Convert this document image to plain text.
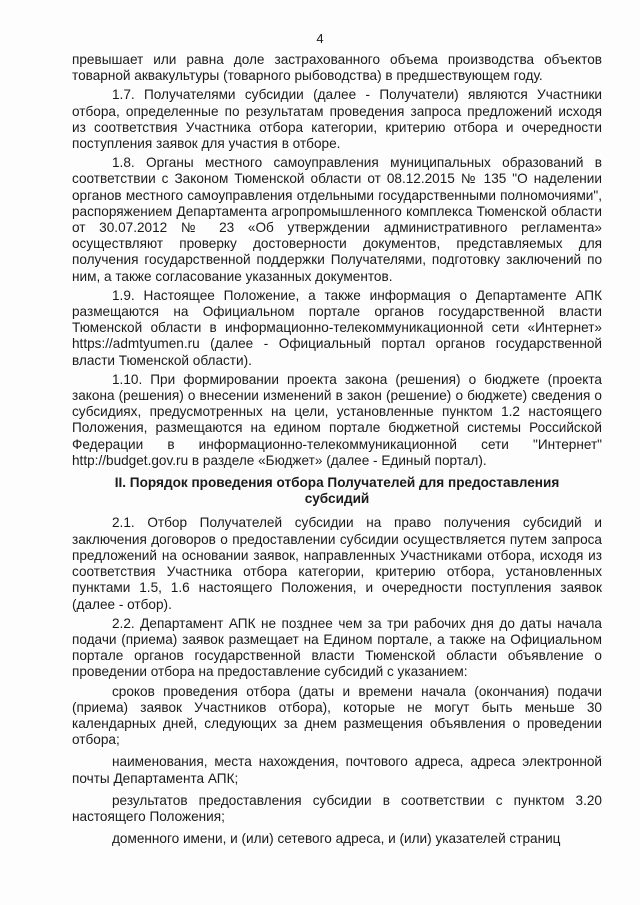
4

превышает или равна доле застрахованного объема производства объектов товарной аквакультуры (товарного рыбоводства) в предшествующем году.

1.7. Получателями субсидии (далее - Получатели) являются Участники отбора, определенные по результатам проведения запроса предложений исходя из соответствия Участника отбора категории, критерию отбора и очередности поступления заявок для участия в отборе.

1.8. Органы местного самоуправления муниципальных образований в соответствии с Законом Тюменской области от 08.12.2015 № 135 "О наделении органов местного самоуправления отдельными государственными полномочиями", распоряжением Департамента агропромышленного комплекса Тюменской области от 30.07.2012 № 23 «Об утверждении административного регламента» осуществляют проверку достоверности документов, представляемых для получения государственной поддержки Получателями, подготовку заключений по ним, а также согласование указанных документов.

1.9. Настоящее Положение, а также информация о Департаменте АПК размещаются на Официальном портале органов государственной власти Тюменской области в информационно-телекоммуникационной сети «Интернет» https://admtyumen.ru (далее - Официальный портал органов государственной власти Тюменской области).

1.10. При формировании проекта закона (решения) о бюджете (проекта закона (решения) о внесении изменений в закон (решение) о бюджете) сведения о субсидиях, предусмотренных на цели, установленные пунктом 1.2 настоящего Положения, размещаются на едином портале бюджетной системы Российской Федерации в информационно-телекоммуникационной сети "Интернет" http://budget.gov.ru в разделе «Бюджет» (далее - Единый портал).

II. Порядок проведения отбора Получателей для предоставления субсидий

2.1. Отбор Получателей субсидии на право получения субсидий и заключения договоров о предоставлении субсидии осуществляется путем запроса предложений на основании заявок, направленных Участниками отбора, исходя из соответствия Участника отбора категории, критерию отбора, установленных пунктами 1.5, 1.6 настоящего Положения, и очередности поступления заявок (далее - отбор).

2.2. Департамент АПК не позднее чем за три рабочих дня до даты начала подачи (приема) заявок размещает на Едином портале, а также на Официальном портале органов государственной власти Тюменской области объявление о проведении отбора на предоставление субсидий с указанием:

сроков проведения отбора (даты и времени начала (окончания) подачи (приема) заявок Участников отбора), которые не могут быть меньше 30 календарных дней, следующих за днем размещения объявления о проведении отбора;

наименования, места нахождения, почтового адреса, адреса электронной почты Департамента АПК;

результатов предоставления субсидии в соответствии с пунктом 3.20 настоящего Положения;

доменного имени, и (или) сетевого адреса, и (или) указателей страниц
